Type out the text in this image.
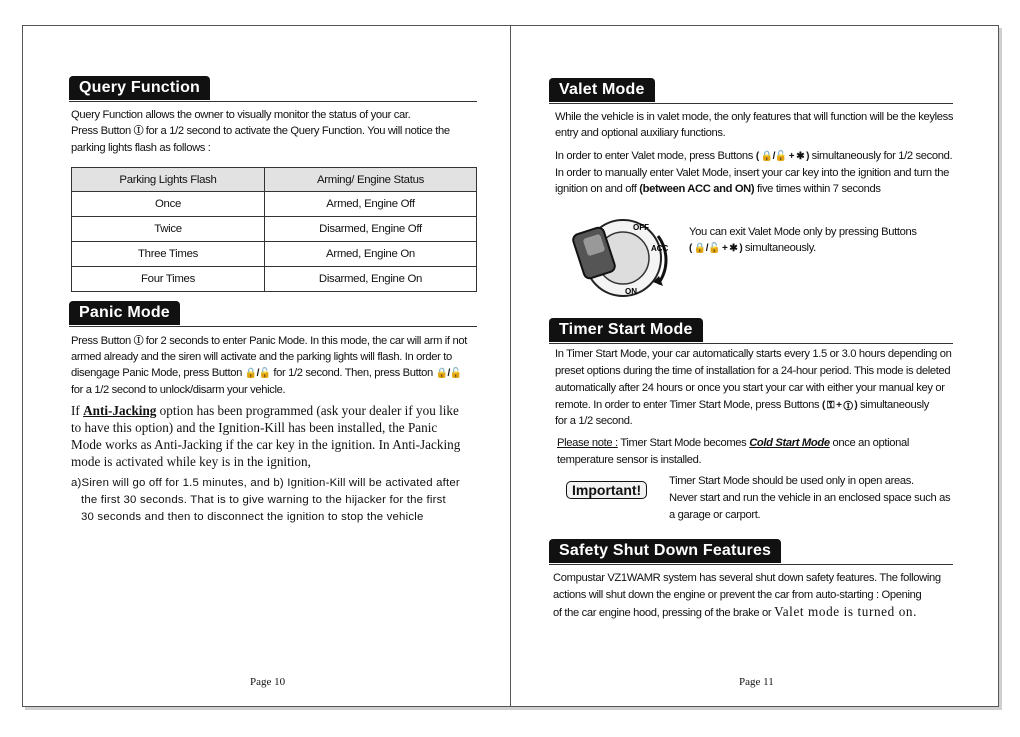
Query Function
Query Function allows the owner to visually monitor the status of your car.
Press Button Ⓘ for a 1/2 second to activate the Query Function. You will notice the
parking lights flash as follows :
Parking Lights Flash	Arming/ Engine Status
Once	Armed, Engine Off
Twice	Disarmed, Engine Off
Three Times	Armed, Engine On
Four Times	Disarmed, Engine On
Panic Mode
Press Button Ⓘ for 2 seconds to enter Panic Mode. In this mode, the car will arm if not
armed already and the siren will activate and the parking lights will flash. In order to
disengage Panic Mode, press Button 🔒/🔓 for 1/2 second. Then, press Button 🔒/🔓
for a 1/2 second to unlock/disarm your vehicle.
If Anti-Jacking option has been programmed (ask your dealer if you like
to have this option) and the Ignition-Kill has been installed, the Panic
Mode works as Anti-Jacking if the car key in the ignition. In Anti-Jacking
mode is activated while key is in the ignition,
a)Siren will go off for 1.5 minutes, and b) Ignition-Kill will be activated after
the first 30 seconds. That is to give warning to the hijacker for the first
30 seconds and then to disconnect the ignition to stop the vehicle
Page 10
Valet Mode
While the vehicle is in valet mode, the only features that will function will be the keyless
entry and optional auxiliary functions.
In order to enter Valet mode, press Buttons ( 🔒/🔓 + ✱ ) simultaneously for 1/2 second.
In order to manually enter Valet Mode, insert your car key into the ignition and turn the
ignition on and off (between ACC and ON) five times within 7 seconds
OFF
ACC
ON
You can exit Valet Mode only by pressing Buttons
( 🔒/🔓 + ✱ ) simultaneously.
Timer Start Mode
In Timer Start Mode, your car automatically starts every 1.5 or 3.0 hours depending on
preset options during the time of installation for a 24-hour period. This mode is deleted
automatically after 24 hours or once you start your car with either your manual key or
remote. In order to enter Timer Start Mode, press Buttons ( ⚿ + Ⓘ ) simultaneously
for a 1/2 second.
Please note : Timer Start Mode becomes Cold Start Mode once an optional
temperature sensor is installed.
Important!
Timer Start Mode should be used only in open areas.
Never start and run the vehicle in an enclosed space such as
a garage or carport.
Safety Shut Down Features
Compustar VZ1WAMR system has several shut down safety features. The following
actions will shut down the engine or prevent the car from auto-starting : Opening
of the car engine hood, pressing of the brake or Valet mode is turned on.
Page 11
